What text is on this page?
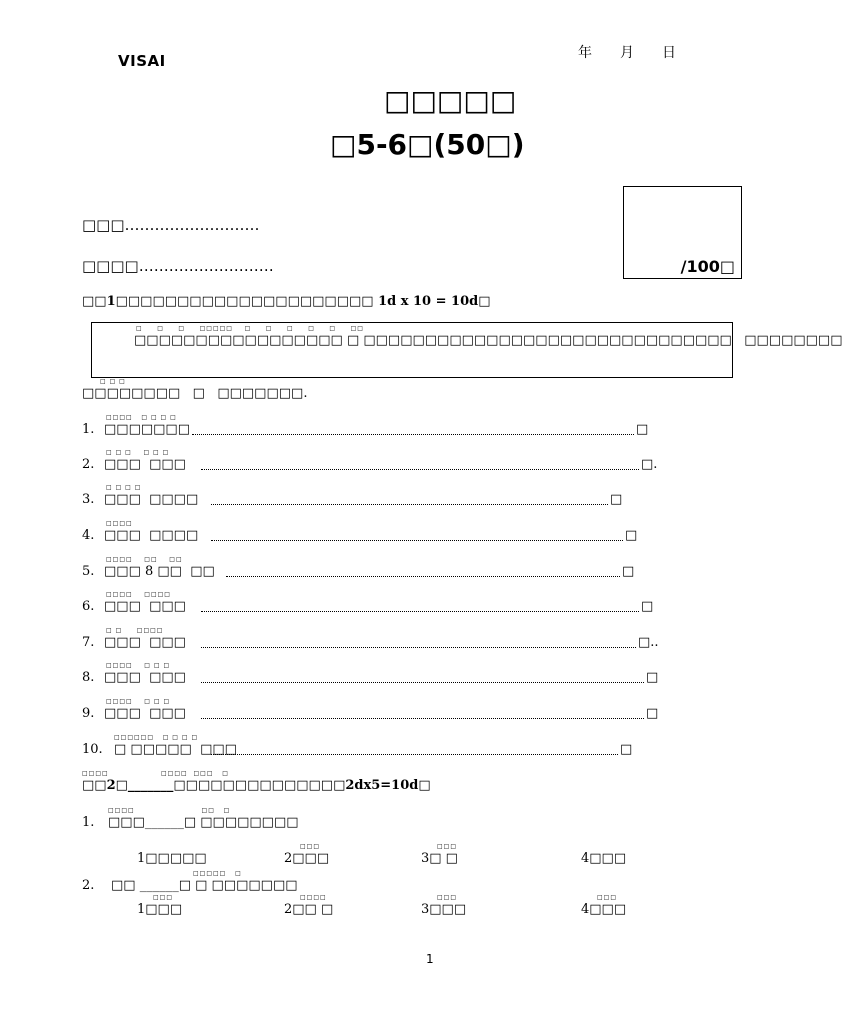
年 月 日
VISAI
□□□□□
□5-6□(50□)
□□□………………………
□□□□………………………	/100□
□□1□□□□□□□□□□□□□□□□□□□□□ 1d x 10 = 10d□
□     □     □     □□□□□    □     □     □     □     □     □□
□□□□□□□□□□□□□□□□□ □ □□□□□□□□□□□□□□□□□□□□□□□□□□□□□□   □□□□□□□□
□ □ □
□□□□□□□□   □   □□□□□□□.
□□□□   □ □ □ □
1. □□□□□□□	□
□ □ □    □ □ □
2. □□□  □□□	□.
□ □ □ □
3. □□□  □□□□	□
□□□□
4. □□□  □□□□	□
□□□□    □□    □□
5. □□□ 8 □□  □□	□
□□□□    □□□□
6. □□□  □□□	□
□ □     □□□□
7. □□□  □□□	□..
□□□□    □ □ □
8. □□□  □□□	□
□□□□    □ □ □
9. □□□  □□□	□
□□□□□□   □ □ □ □
10. □ □□□□□  □□□	□
□□□□                  □□□□  □□□   □
□□2□_______□□□□□□□□□□□□□□2dx5=10d□
□□□□                       □□   □
1. □□□______□ □□□□□□□□
1□□□□□
□□□
2□□□
□□□
3□ □	4□□□
□□□□□   □
2. □□ ______□ □ □□□□□□□
□□□
1□□□
□□□□
2□□ □
□□□
3□□□
□□□
4□□□
1
